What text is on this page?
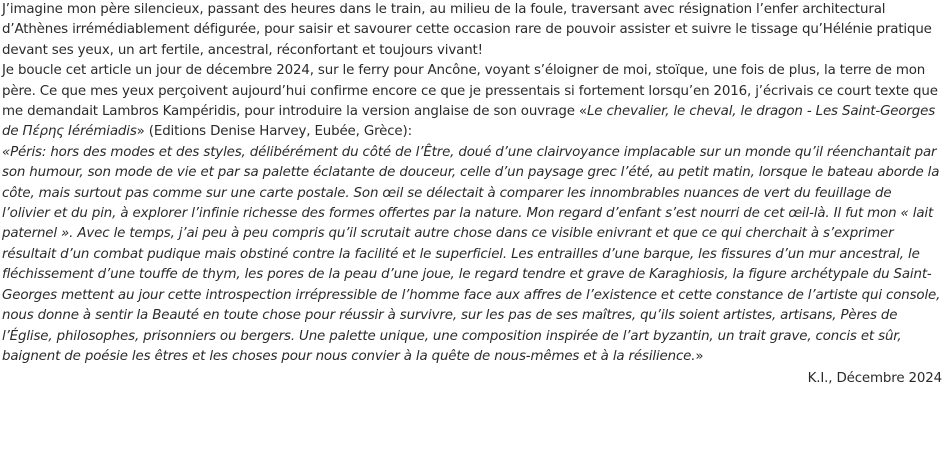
J’imagine mon père silencieux, passant des heures dans le train, au milieu de la foule, traversant avec résignation l’enfer architectural d’Athènes irrémédiablement défigurée, pour saisir et savourer cette occasion rare de pouvoir assister et suivre le tissage qu’Hélénie pratique devant ses yeux, un art fertile, ancestral, réconfortant et toujours vivant!

Je boucle cet article un jour de décembre 2024, sur le ferry pour Ancône, voyant s’éloigner de moi, stoïque, une fois de plus, la terre de mon père. Ce que mes yeux perçoivent aujourd’hui confirme encore ce que je pressentais si fortement lorsqu’en 2016, j’écrivais ce court texte que me demandait Lambros Kampéridis, pour introduire la version anglaise de son ouvrage «Le chevalier, le cheval, le dragon - Les Saint-Georges de Πέρης Ιérémiadis» (Editions Denise Harvey, Eubée, Grèce):

«Péris: hors des modes et des styles, délibérément du côté de l’Être, doué d’une clairvoyance implacable sur un monde qu’il réenchantait par son humour, son mode de vie et par sa palette éclatante de douceur, celle d’un paysage grec l’été, au petit matin, lorsque le bateau aborde la côte, mais surtout pas comme sur une carte postale. Son œil se délectait à comparer les innombrables nuances de vert du feuillage de l’olivier et du pin, à explorer l’infinie richesse des formes offertes par la nature. Mon regard d’enfant s’est nourri de cet œil-là. Il fut mon « lait paternel ». Avec le temps, j’ai peu à peu compris qu’il scrutait autre chose dans ce visible enivrant et que ce qui cherchait à s’exprimer résultait d’un combat pudique mais obstiné contre la facilité et le superficiel. Les entrailles d’une barque, les fissures d’un mur ancestral, le fléchissement d’une touffe de thym, les pores de la peau d’une joue, le regard tendre et grave de Karaghiosis, la figure archétypale du Saint-Georges mettent au jour cette introspection irrépressible de l’homme face aux affres de l’existence et cette constance de l’artiste qui console, nous donne à sentir la Beauté en toute chose pour réussir à survivre, sur les pas de ses maîtres, qu’ils soient artistes, artisans, Pères de l’Église, philosophes, prisonniers ou bergers. Une palette unique, une composition inspirée de l’art byzantin, un trait grave, concis et sûr, baignent de poésie les êtres et les choses pour nous convier à la quête de nous-mêmes et à la résilience.»

K.I., Décembre 2024
